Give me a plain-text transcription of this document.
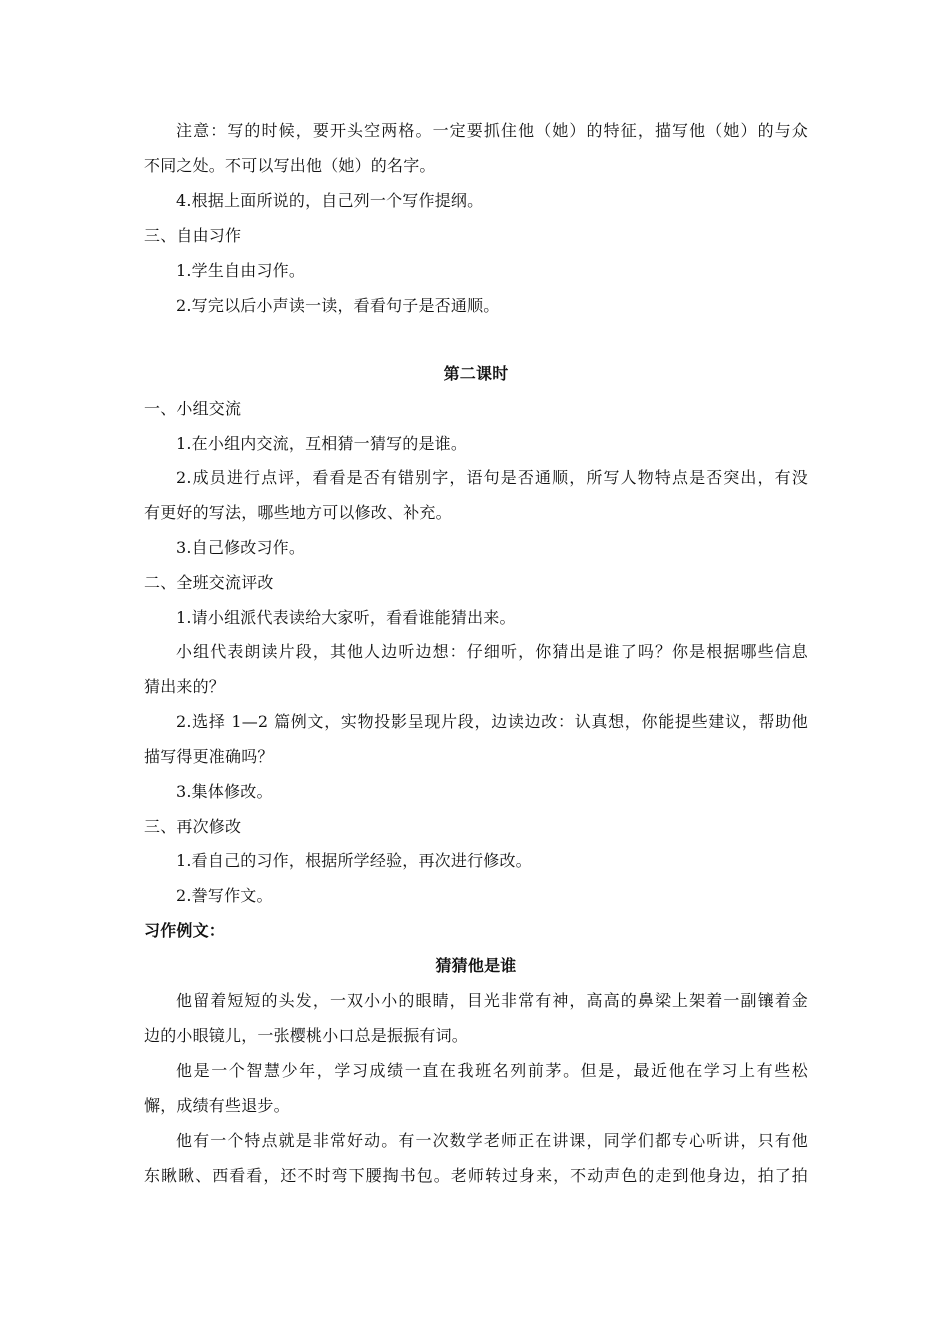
注意：写的时候，要开头空两格。一定要抓住他（她）的特征，描写他（她）的与众
不同之处。不可以写出他（她）的名字。
4.根据上面所说的，自己列一个写作提纲。
三、自由习作
1.学生自由习作。
2.写完以后小声读一读，看看句子是否通顺。
第二课时
一、小组交流
1.在小组内交流，互相猜一猜写的是谁。
2.成员进行点评，看看是否有错别字，语句是否通顺，所写人物特点是否突出，有没
有更好的写法，哪些地方可以修改、补充。
3.自己修改习作。
二、全班交流评改
1.请小组派代表读给大家听，看看谁能猜出来。
小组代表朗读片段，其他人边听边想：仔细听，你猜出是谁了吗？你是根据哪些信息
猜出来的？
2.选择 1—2 篇例文，实物投影呈现片段，边读边改：认真想，你能提些建议，帮助他
描写得更准确吗？
3.集体修改。
三、再次修改
1.看自己的习作，根据所学经验，再次进行修改。
2.誊写作文。
习作例文：
猜猜他是谁
他留着短短的头发，一双小小的眼睛，目光非常有神，高高的鼻梁上架着一副镶着金
边的小眼镜儿，一张樱桃小口总是振振有词。
他是一个智慧少年，学习成绩一直在我班名列前茅。但是，最近他在学习上有些松
懈，成绩有些退步。
他有一个特点就是非常好动。有一次数学老师正在讲课，同学们都专心听讲，只有他
东瞅瞅、西看看，还不时弯下腰掏书包。老师转过身来，不动声色的走到他身边，拍了拍
